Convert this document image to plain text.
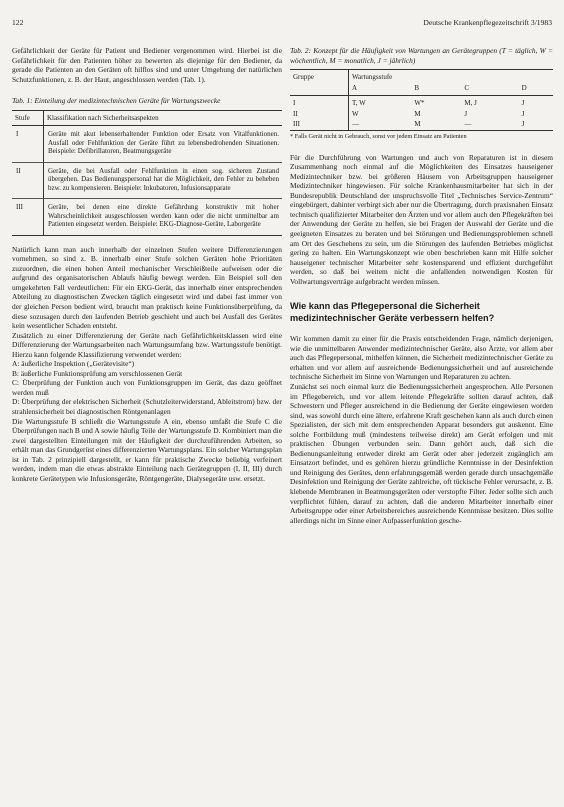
122	Deutsche Krankenpflegezeitschrift 3/1983

Gefährlichkeit der Geräte für Patient und Bediener vergenommen wird. Hierbei ist die Gefährlichkeit für den Patienten höher zu bewerten als diejenige für den Bediener, da gerade die Patienten an den Geräten oft hilflos sind und unter Umgehung der natürlichen Schutzfunktionen, z. B. der Haut, angeschlossen werden (Tab. 1).

Tab. 1: Einteilung der medizintechnischen Geräte für Wartungszwecke

Stufe	Klassifikation nach Sicherheitsaspekten
I	Geräte mit akut lebenserhaltender Funktion oder Ersatz von Vitalfunktionen. Ausfall oder Fehlfunktion der Geräte führt zu lebensbedrohenden Situationen. Beispiele: Defibrillatoren, Beatmungsgeräte
II	Geräte, die bei Ausfall oder Fehlfunktion in einen sog. sicheren Zustand übergehen. Das Bedienungspersonal hat die Möglichkeit, den Fehler zu beheben bzw. zu kompensieren. Beispiele: Inkubatoren, Infusionsapparate
III	Geräte, bei denen eine direkte Gefährdung konstruktiv mit hoher Wahrscheinlichkeit ausgeschlossen werden kann oder die nicht unmittelbar am Patienten eingesetzt werden. Beispiele: EKG-Diagnose-Geräte, Laborgeräte

Natürlich kann man auch innerhalb der einzelnen Stufen weitere Differenzierungen vornehmen, so sind z. B. innerhalb einer Stufe solchen Geräten hohe Prioritäten zuzuordnen, die einen hohen Anteil mechanischer Verschleißteile aufweisen oder die aufgrund des organisatorischen Ablaufs häufig bewegt werden. Ein Beispiel soll den umgekehrten Fall verdeutlichen: Für ein EKG-Gerät, das innerhalb einer entsprechenden Abteilung zu diagnostischen Zwecken täglich eingesetzt wird und dabei fast immer von der gleichen Person bedient wird, braucht man praktisch keine Funktionsüberprüfung, da diese sozusagen durch den laufenden Betrieb geschieht und auch bei Ausfall des Gerätes kein wesentlicher Schaden entsteht.

Zusätzlich zu einer Differenzierung der Geräte nach Gefährlichkeitsklassen wird eine Differenzierung der Wartungsarbeiten nach Wartungsumfang bzw. Wartungsstufe benötigt. Hierzu kann folgende Klassifizierung verwendet werden:

A: äußerliche Inspektion („Gerätevisite“)
B: äußerliche Funktionsprüfung am verschlossenen Gerät
C: Überprüfung der Funktion auch von Funktionsgruppen im Gerät, das dazu geöffnet werden muß
D: Überprüfung der elektrischen Sicherheit (Schutzleiterwiderstand, Ableitstrom) bzw. der strahlensicherheit bei diagnostischen Röntgenanlagen

Die Wartungsstufe B schließt die Wartungsstufe A ein, ebenso umfaßt die Stufe C die Überprüfungen nach B und A sowie häufig Teile der Wartungsstufe D. Kombiniert man die zwei dargestellten Einteilungen mit der Häufigkeit der durchzuführenden Arbeiten, so erhält man das Grundgerüst eines differenzierten Wartungsplans. Ein solcher Wartungsplan ist in Tab. 2 prinzipiell dargestellt, er kann für praktische Zwecke beliebig verfeinert werden, indem man die etwas abstrakte Einteilung nach Gerätegruppen (I, II, III) durch konkrete Gerätetypen wie Infusionsgeräte, Röntgengeräte, Dialysegeräte usw. ersetzt.

Tab. 2: Konzept für die Häufigkeit von Wartungen an Gerätegruppen (T = täglich, W = wöchentlich, M = monatlich, J = jährlich)

Gruppe	Wartungsstufe			
	A	B	C	D
I	T, W	W*	M, J	J
II	W	M	J	J
III	—	M	—	J

* Falls Gerät nicht in Gebrauch, sonst vor jedem Einsatz am Patienten

Für die Durchführung von Wartungen und auch von Reparaturen ist in diesem Zusammenhang noch einmal auf die Möglichkeiten des Einsatzes hauseigener Medizintechniker bzw. bei größeren Häusern von Arbeitsgruppen hauseigener Medizintechniker hingewiesen. Für solche Krankenhausmitarbeiter hat sich in der Bundesrepublik Deutschland der unspruchsvolle Titel „Technisches Service-Zentrum“ eingebürgert, dahinter verbirgt sich aber nur die Übertragung, durch praxisnahen Einsatz technisch qualifizierter Mitarbeiter den Ärzten und vor allem auch den Pflegekräften bei der Anwendung der Geräte zu helfen, sie bei Fragen der Auswahl der Geräte und die geeigneten Einsatzes zu beraten und bei Störungen und Bedienungsproblemen schnell am Ort des Geschehens zu sein, um die Störungen des laufenden Betriebes möglichst gering zu halten. Ein Wartungskonzept wie oben beschrieben kann mit Hilfe solcher hauseigener technischer Mitarbeiter sehr kostensparend und effizient durchgeführt werden, so daß bei weitem nicht die anfallenden notwendigen Kosten für Vollwartungsverträge aufgebracht werden müssen.

Wie kann das Pflegepersonal die Sicherheit medizintechnischer Geräte verbessern helfen?

Wir kommen damit zu einer für die Praxis entscheidenden Frage, nämlich derjenigen, wie die unmittelbaren Anwender medizintechnischer Geräte, also Ärzte, vor allem aber auch das Pflegepersonal, mithelfen können, die Sicherheit medizintechnischer Geräte zu erhalten und vor allem auf ausreichende Bedienungssicherheit und auf ausreichende technische Sicherheit im Sinne von Wartungen und Reparaturen zu achten.

Zunächst sei noch einmal kurz die Bedienungssicherheit angesprochen. Alle Personen im Pflegebereich, und vor allem leitende Pflegekräfte sollten darauf achten, daß Schwestern und Pfleger ausreichend in die Bedienung der Geräte eingewiesen worden sind, was sowohl durch eine ältere, erfahrene Kraft geschehen kann als auch durch einen Spezialisten, der sich mit dem entsprechenden Apparat besonders gut auskennt. Eine solche Fortbildung muß (mindestens teilweise direkt) am Gerät erfolgen und mit praktischen Übungen verbunden sein. Dann gehört auch, daß sich die Bedienungsanleitung entweder direkt am Gerät oder aber jederzeit zugänglich am Einsatzort befindet, und es gehören hierzu gründliche Kenntnisse in der Desinfektion und Reinigung des Gerätes, denn erfahrungsgemäß werden gerade durch unsachgemäße Desinfektion und Reinigung der Geräte zahlreiche, oft tückische Fehler verursacht, z. B. klebende Membranen in Beatmungsgeräten oder verstopfte Filter. Jeder sollte sich auch verpflichtet fühlen, darauf zu achten, daß die anderen Mitarbeiter innerhalb einer Arbeitsgruppe oder einer Arbeitsbereiches ausreichende Kenntnisse besitzen. Dies sollte allerdings nicht im Sinne einer Aufpasserfunktion gesche-
